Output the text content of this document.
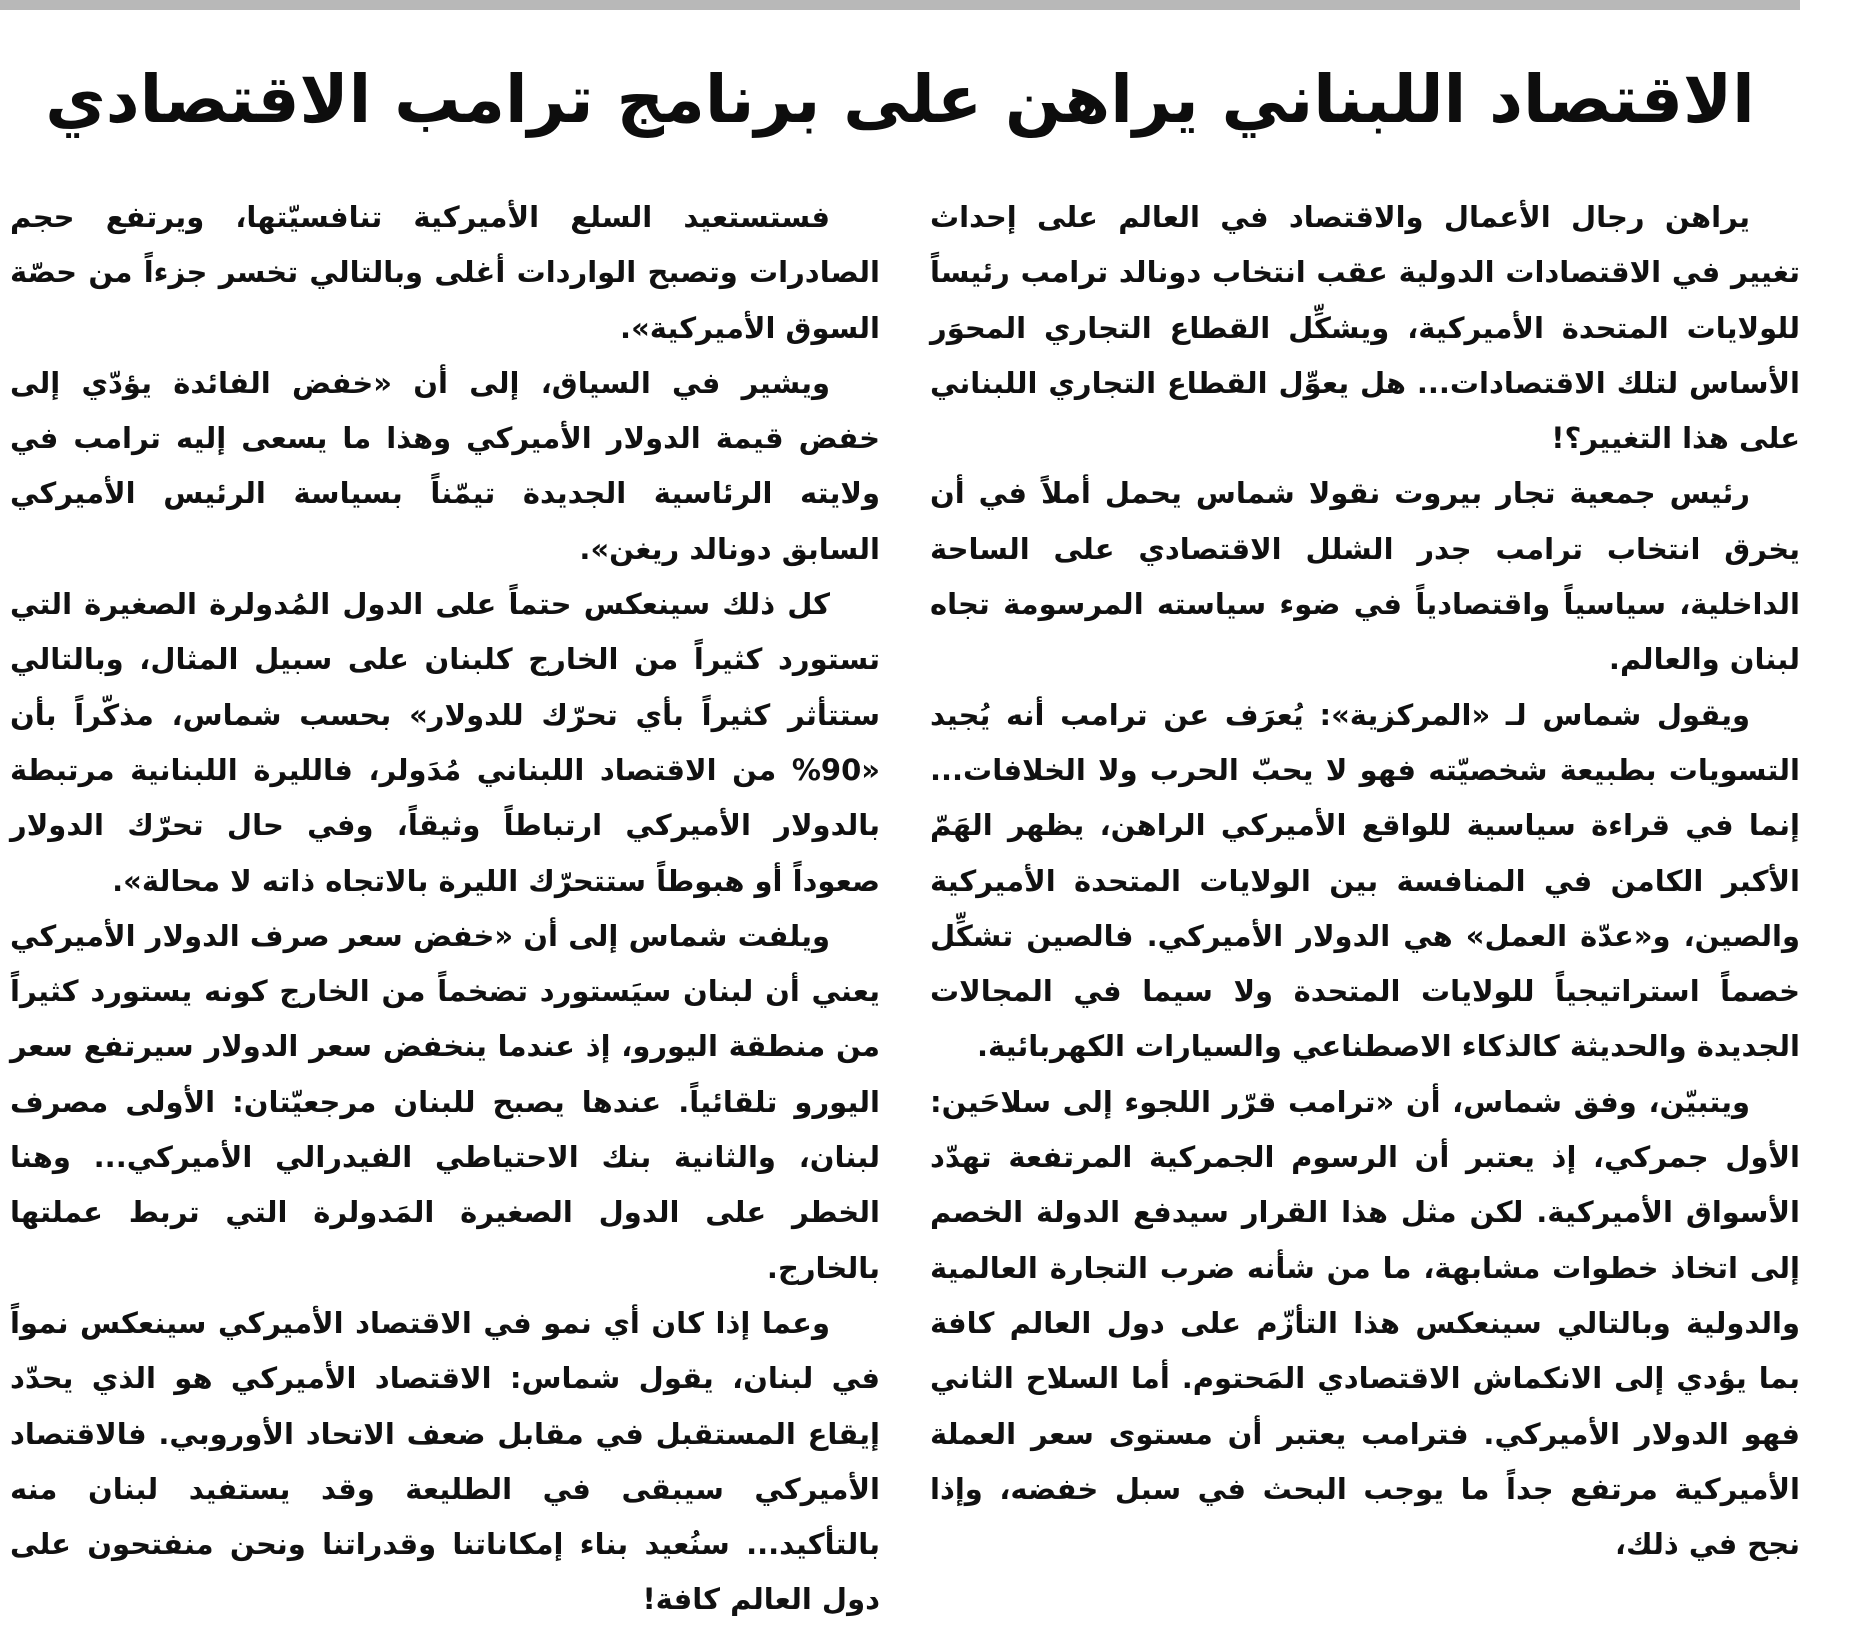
الاقتصاد اللبناني يراهن على برنامج ترامب الاقتصادي

يراهن رجال الأعمال والاقتصاد في العالم على إحداث تغيير في الاقتصادات الدولية عقب انتخاب دونالد ترامب رئيساً للولايات المتحدة الأميركية، ويشكِّل القطاع التجاري المحوَر الأساس لتلك الاقتصادات... هل يعوِّل القطاع التجاري اللبناني على هذا التغيير؟!

رئيس جمعية تجار بيروت نقولا شماس يحمل أملاً في أن يخرق انتخاب ترامب جدر الشلل الاقتصادي على الساحة الداخلية، سياسياً واقتصادياً في ضوء سياسته المرسومة تجاه لبنان والعالم.

ويقول شماس لـ «المركزية»: يُعرَف عن ترامب أنه يُجيد التسويات بطبيعة شخصيّته فهو لا يحبّ الحرب ولا الخلافات... إنما في قراءة سياسية للواقع الأميركي الراهن، يظهر الهَمّ الأكبر الكامن في المنافسة بين الولايات المتحدة الأميركية والصين، و«عدّة العمل» هي الدولار الأميركي. فالصين تشكِّل خصماً استراتيجياً للولايات المتحدة ولا سيما في المجالات الجديدة والحديثة كالذكاء الاصطناعي والسيارات الكهربائية.

ويتبيّن، وفق شماس، أن «ترامب قرّر اللجوء إلى سلاحَين: الأول جمركي، إذ يعتبر أن الرسوم الجمركية المرتفعة تهدّد الأسواق الأميركية. لكن مثل هذا القرار سيدفع الدولة الخصم إلى اتخاذ خطوات مشابهة، ما من شأنه ضرب التجارة العالمية والدولية وبالتالي سينعكس هذا التأزّم على دول العالم كافة بما يؤدي إلى الانكماش الاقتصادي المَحتوم. أما السلاح الثاني فهو الدولار الأميركي. فترامب يعتبر أن مستوى سعر العملة الأميركية مرتفع جداً ما يوجب البحث في سبل خفضه، وإذا نجح في ذلك،

فستستعيد السلع الأميركية تنافسيّتها، ويرتفع حجم الصادرات وتصبح الواردات أغلى وبالتالي تخسر جزءاً من حصّة السوق الأميركية».

ويشير في السياق، إلى أن «خفض الفائدة يؤدّي إلى خفض قيمة الدولار الأميركي وهذا ما يسعى إليه ترامب في ولايته الرئاسية الجديدة تيمّناً بسياسة الرئيس الأميركي السابق دونالد ريغن».

كل ذلك سينعكس حتماً على الدول المُدولرة الصغيرة التي تستورد كثيراً من الخارج كلبنان على سبيل المثال، وبالتالي ستتأثر كثيراً بأي تحرّك للدولار» بحسب شماس، مذكّراً بأن «90% من الاقتصاد اللبناني مُدَولر، فالليرة اللبنانية مرتبطة بالدولار الأميركي ارتباطاً وثيقاً، وفي حال تحرّك الدولار صعوداً أو هبوطاً ستتحرّك الليرة بالاتجاه ذاته لا محالة».

ويلفت شماس إلى أن «خفض سعر صرف الدولار الأميركي يعني أن لبنان سيَستورد تضخماً من الخارج كونه يستورد كثيراً من منطقة اليورو، إذ عندما ينخفض سعر الدولار سيرتفع سعر اليورو تلقائياً. عندها يصبح للبنان مرجعيّتان: الأولى مصرف لبنان، والثانية بنك الاحتياطي الفيدرالي الأميركي... وهنا الخطر على الدول الصغيرة المَدولرة التي تربط عملتها بالخارج.

وعما إذا كان أي نمو في الاقتصاد الأميركي سينعكس نمواً في لبنان، يقول شماس: الاقتصاد الأميركي هو الذي يحدّد إيقاع المستقبل في مقابل ضعف الاتحاد الأوروبي. فالاقتصاد الأميركي سيبقى في الطليعة وقد يستفيد لبنان منه بالتأكيد... سنُعيد بناء إمكاناتنا وقدراتنا ونحن منفتحون على دول العالم كافة!
